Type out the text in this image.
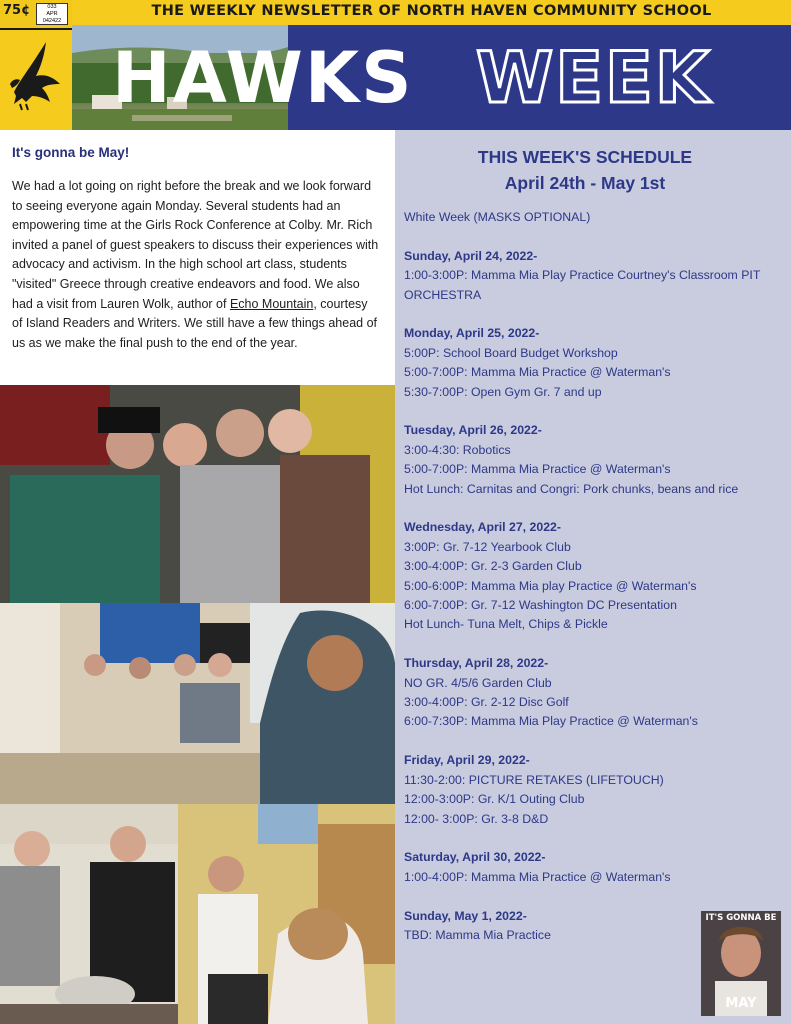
THE WEEKLY NEWSLETTER OF NORTH HAVEN COMMUNITY SCHOOL
75¢	033
APR
042422
HAWKS WEEK
It's gonna be May!
We had a lot going on right before the break and we look forward to seeing everyone again Monday. Several students had an empowering time at the Girls Rock Conference at Colby. Mr. Rich invited a panel of guest speakers to discuss their experiences with advocacy and activism. In the high school art class, students "visited" Greece through creative endeavors and food. We also had a visit from Lauren Wolk, author of Echo Mountain, courtesy of Island Readers and Writers. We still have a few things ahead of us as we make the final push to the end of the year.
THIS WEEK'S SCHEDULE
April 24th - May 1st
White Week (MASKS OPTIONAL)
Sunday, April 24, 2022-
1:00-3:00P: Mamma Mia Play Practice Courtney's Classroom PIT ORCHESTRA
Monday, April 25, 2022-
5:00P: School Board Budget Workshop
5:00-7:00P: Mamma Mia Practice @ Waterman's
5:30-7:00P: Open Gym Gr. 7 and up
Tuesday, April 26, 2022-
3:00-4:30: Robotics
5:00-7:00P: Mamma Mia Practice @ Waterman's
Hot Lunch: Carnitas and Congri: Pork chunks, beans and rice
Wednesday, April 27, 2022-
3:00P: Gr. 7-12 Yearbook Club
3:00-4:00P: Gr. 2-3 Garden Club
5:00-6:00P: Mamma Mia play Practice @ Waterman's
6:00-7:00P: Gr. 7-12 Washington DC Presentation
Hot Lunch- Tuna Melt, Chips & Pickle
Thursday, April 28, 2022-
NO GR. 4/5/6 Garden Club
3:00-4:00P: Gr. 2-12 Disc Golf
6:00-7:30P: Mamma Mia Play Practice @ Waterman's
Friday, April 29, 2022-
11:30-2:00: PICTURE RETAKES (LIFETOUCH)
12:00-3:00P: Gr. K/1 Outing Club
12:00- 3:00P: Gr. 3-8 D&D
Saturday, April 30, 2022-
1:00-4:00P: Mamma Mia Practice @ Waterman's
Sunday, May 1, 2022-
TBD: Mamma Mia Practice
IT'S GONNA BE
MAY
